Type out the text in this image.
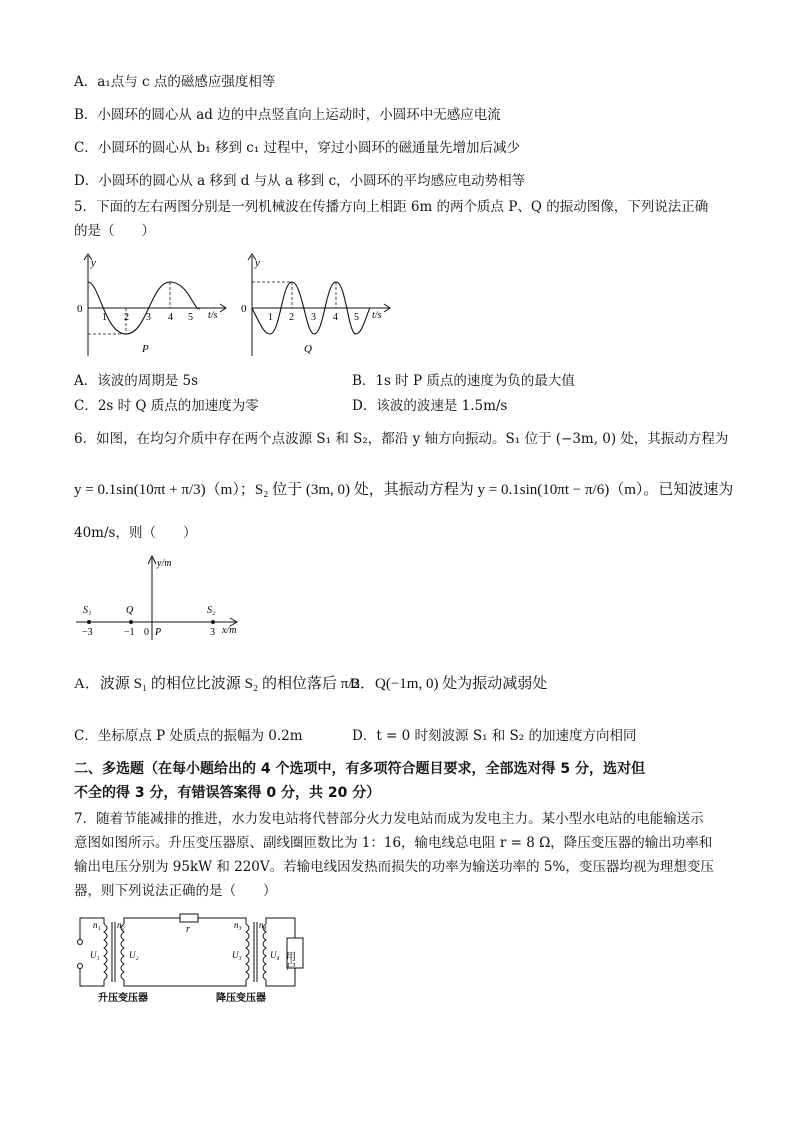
A．a₁点与 c 点的磁感应强度相等
B．小圆环的圆心从 ad 边的中点竖直向上运动时，小圆环中无感应电流
C．小圆环的圆心从 b₁ 移到 c₁ 过程中，穿过小圆环的磁通量先增加后减少
D．小圆环的圆心从 a 移到 d 与从 a 移到 c，小圆环的平均感应电动势相等
5．下面的左右两图分别是一列机械波在传播方向上相距 6m 的两个质点 P、Q 的振动图像，下列说法正确
的是（　　）
y
0
1 2 3 4 5 t/s
P
y
0
1 2 3 4 5 t/s
Q
A．该波的周期是 5s	B．1s 时 P 质点的速度为负的最大值
C．2s 时 Q 质点的加速度为零	D．该波的波速是 1.5m/s
6．如图，在均匀介质中存在两个点波源 S₁ 和 S₂，都沿 y 轴方向振动。S₁ 位于 (−3m, 0) 处，其振动方程为
y = 0.1sin(10πt + π/3)（m）；S₂ 位于 (3m, 0) 处，其振动方程为 y = 0.1sin(10πt − π/6)（m）。已知波速为
40m/s，则（　　）
y/m
S₁	Q	S₂
−3	−1 0 P	3 x/m
A．波源 S₁ 的相位比波源 S₂ 的相位落后 π/2
B．Q(−1m, 0) 处为振动减弱处
C．坐标原点 P 处质点的振幅为 0.2m	D．t = 0 时刻波源 S₁ 和 S₂ 的加速度方向相同
二、多选题（在每小题给出的 4 个选项中，有多项符合题目要求，全部选对得 5 分，选对但
不全的得 3 分，有错误答案得 0 分，共 20 分）
7．随着节能减排的推进，水力发电站将代替部分火力发电站而成为发电主力。某小型水电站的电能输送示
意图如图所示。升压变压器原、副线圈匝数比为 1：16，输电线总电阻 r = 8 Ω，降压变压器的输出功率和
输出电压分别为 95kW 和 220V。若输电线因发热而损失的功率为输送功率的 5%，变压器均视为理想变压
器，则下列说法正确的是（　　）
用户
n₁ n₂
U₁	U₂
r	n₃ n₄
U₃	U₄
升压变压器	降压变压器
